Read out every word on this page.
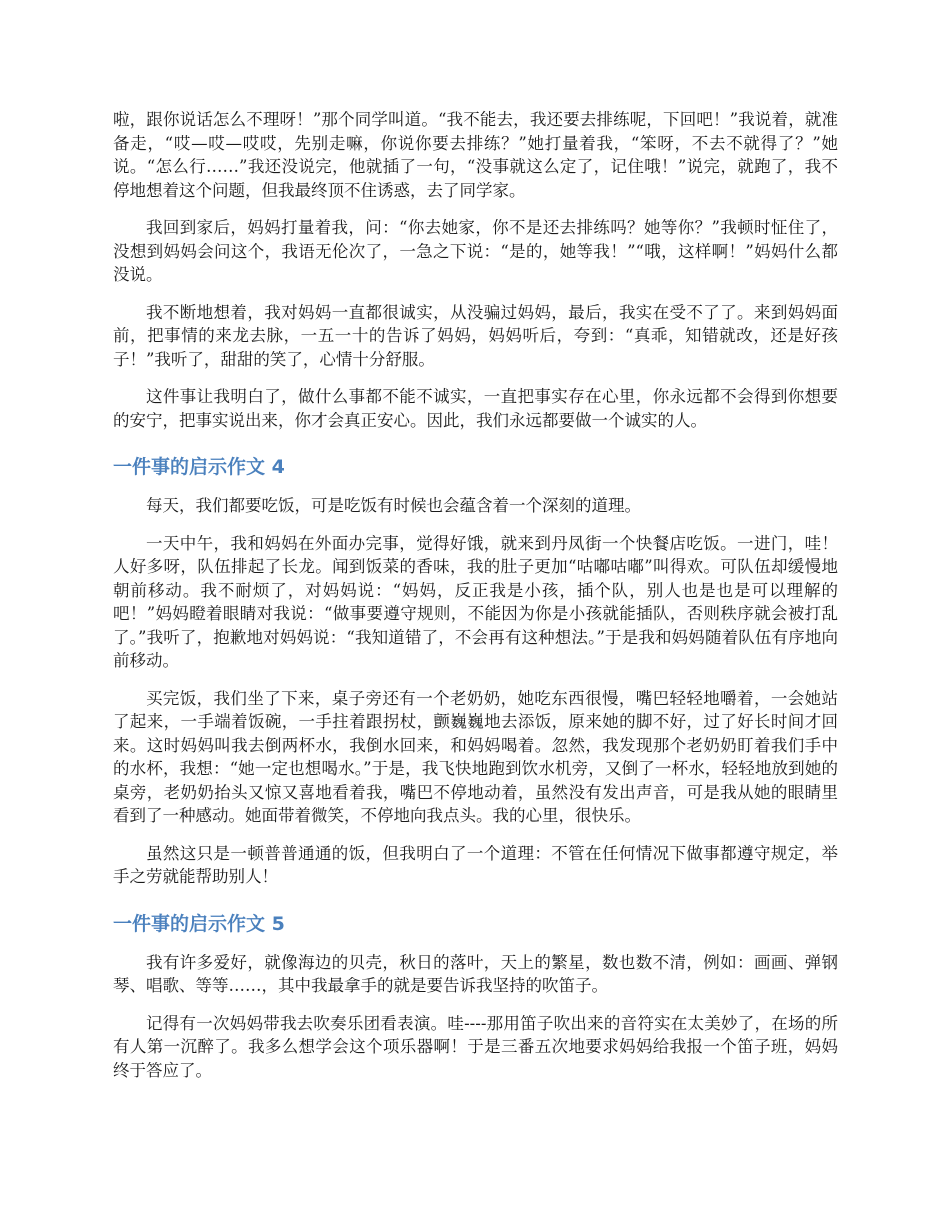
啦，跟你说话怎么不理呀！”那个同学叫道。“我不能去，我还要去排练呢，下回吧！”我说着，就准备走，“哎—哎—哎哎，先别走嘛，你说你要去排练？”她打量着我，“笨呀，不去不就得了？”她说。“怎么行……”我还没说完，他就插了一句，“没事就这么定了，记住哦！”说完，就跑了，我不停地想着这个问题，但我最终顶不住诱惑，去了同学家。

我回到家后，妈妈打量着我，问：“你去她家，你不是还去排练吗？她等你？”我顿时怔住了，没想到妈妈会问这个，我语无伦次了，一急之下说：“是的，她等我！”“哦，这样啊！”妈妈什么都没说。

我不断地想着，我对妈妈一直都很诚实，从没骗过妈妈，最后，我实在受不了了。来到妈妈面前，把事情的来龙去脉，一五一十的告诉了妈妈，妈妈听后，夸到：“真乖，知错就改，还是好孩子！”我听了，甜甜的笑了，心情十分舒服。

这件事让我明白了，做什么事都不能不诚实，一直把事实存在心里，你永远都不会得到你想要的安宁，把事实说出来，你才会真正安心。因此，我们永远都要做一个诚实的人。

一件事的启示作文 4

每天，我们都要吃饭，可是吃饭有时候也会蕴含着一个深刻的道理。

一天中午，我和妈妈在外面办完事，觉得好饿，就来到丹凤街一个快餐店吃饭。一进门，哇！人好多呀，队伍排起了长龙。闻到饭菜的香味，我的肚子更加“咕嘟咕嘟”叫得欢。可队伍却缓慢地朝前移动。我不耐烦了，对妈妈说：“妈妈，反正我是小孩，插个队，别人也是也是可以理解的吧！”妈妈瞪着眼睛对我说：“做事要遵守规则，不能因为你是小孩就能插队，否则秩序就会被打乱了。”我听了，抱歉地对妈妈说：“我知道错了，不会再有这种想法。”于是我和妈妈随着队伍有序地向前移动。

买完饭，我们坐了下来，桌子旁还有一个老奶奶，她吃东西很慢，嘴巴轻轻地嚼着，一会她站了起来，一手端着饭碗，一手拄着跟拐杖，颤巍巍地去添饭，原来她的脚不好，过了好长时间才回来。这时妈妈叫我去倒两杯水，我倒水回来，和妈妈喝着。忽然，我发现那个老奶奶盯着我们手中的水杯，我想：“她一定也想喝水。”于是，我飞快地跑到饮水机旁，又倒了一杯水，轻轻地放到她的桌旁，老奶奶抬头又惊又喜地看着我，嘴巴不停地动着，虽然没有发出声音，可是我从她的眼睛里看到了一种感动。她面带着微笑，不停地向我点头。我的心里，很快乐。

虽然这只是一顿普普通通的饭，但我明白了一个道理：不管在任何情况下做事都遵守规定，举手之劳就能帮助别人！

一件事的启示作文 5

我有许多爱好，就像海边的贝壳，秋日的落叶，天上的繁星，数也数不清，例如：画画、弹钢琴、唱歌、等等……，其中我最拿手的就是要告诉我坚持的吹笛子。

记得有一次妈妈带我去吹奏乐团看表演。哇----那用笛子吹出来的音符实在太美妙了，在场的所有人第一沉醉了。我多么想学会这个项乐器啊！于是三番五次地要求妈妈给我报一个笛子班，妈妈终于答应了。
